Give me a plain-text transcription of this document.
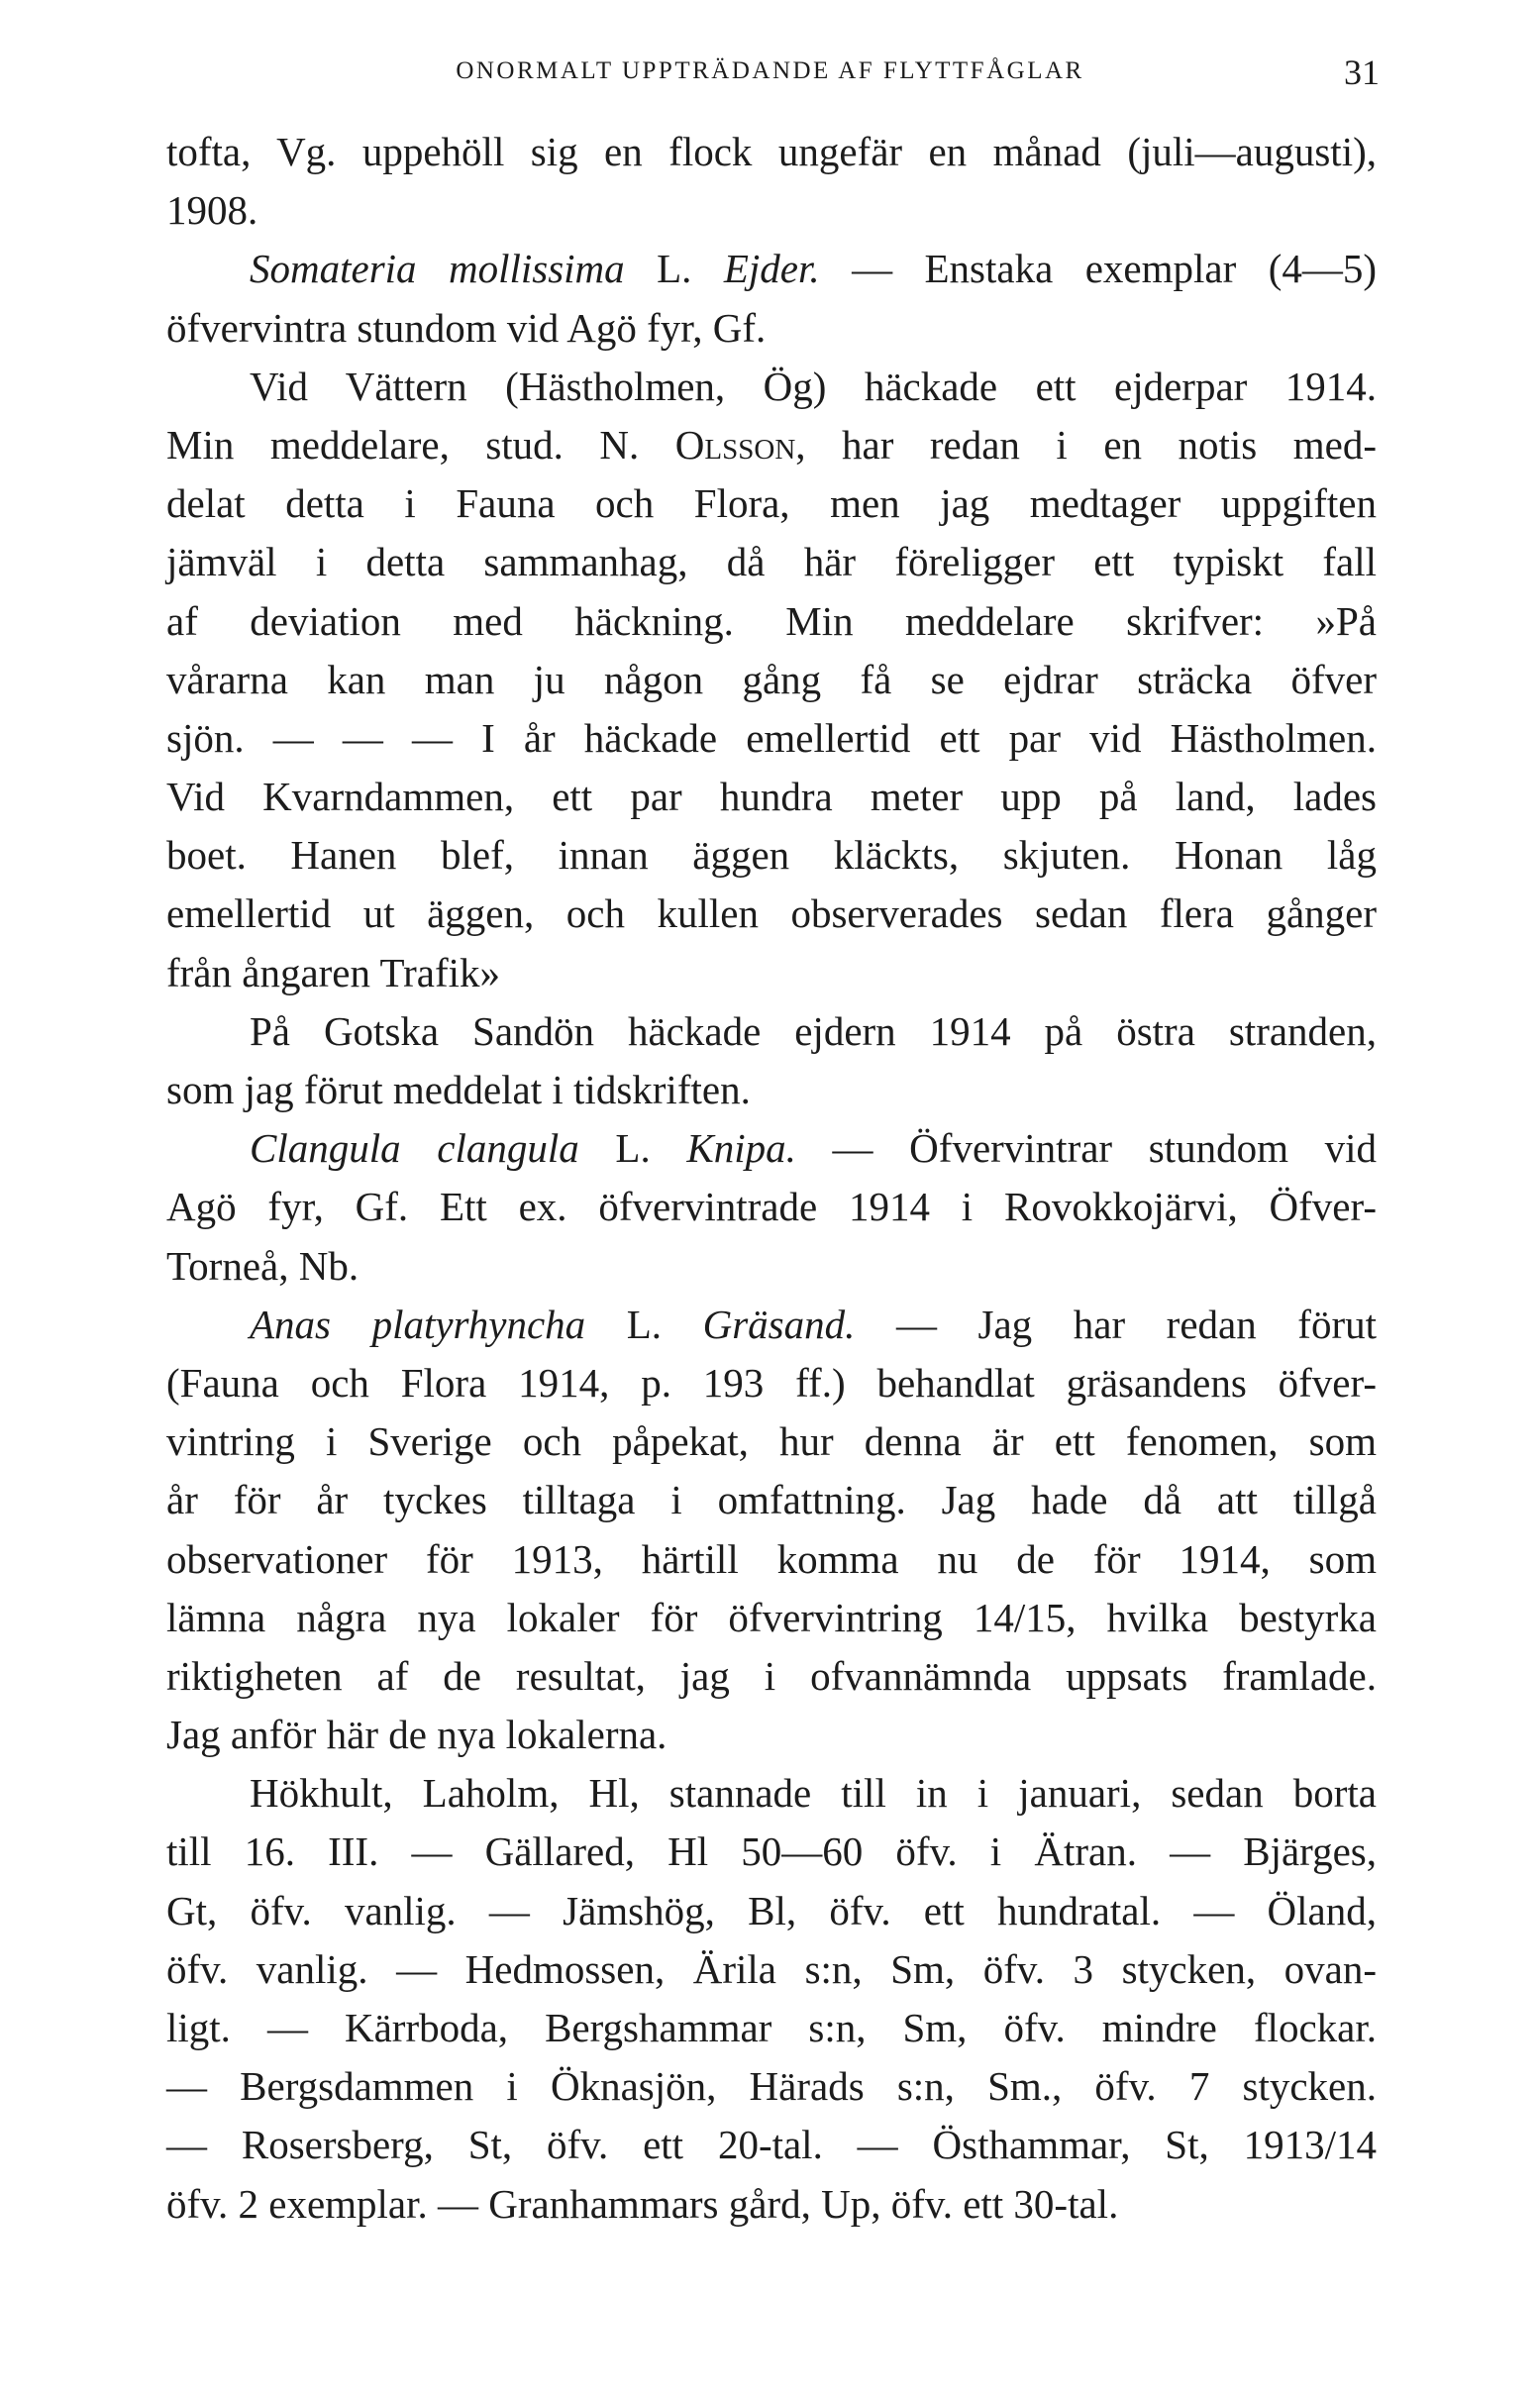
ONORMALT UPPTRÄDANDE AF FLYTTFÅGLAR	31
tofta, Vg. uppehöll sig en flock ungefär en månad (juli—augusti),
1908.
Somateria mollissima L. Ejder. — Enstaka exemplar (4—5)
öfvervintra stundom vid Agö fyr, Gf.
Vid Vättern (Hästholmen, Ög) häckade ett ejderpar 1914.
Min meddelare, stud. N. Olsson, har redan i en notis med-
delat detta i Fauna och Flora, men jag medtager uppgiften
jämväl i detta sammanhag, då här föreligger ett typiskt fall
af deviation med häckning. Min meddelare skrifver: »På
vårarna kan man ju någon gång få se ejdrar sträcka öfver
sjön. — — — I år häckade emellertid ett par vid Hästholmen.
Vid Kvarndammen, ett par hundra meter upp på land, lades
boet. Hanen blef, innan äggen kläckts, skjuten. Honan låg
emellertid ut äggen, och kullen observerades sedan flera gånger
från ångaren Trafik»
På Gotska Sandön häckade ejdern 1914 på östra stranden,
som jag förut meddelat i tidskriften.
Clangula clangula L. Knipa. — Öfvervintrar stundom vid
Agö fyr, Gf. Ett ex. öfvervintrade 1914 i Rovokkojärvi, Öfver-
Torneå, Nb.
Anas platyrhyncha L. Gräsand. — Jag har redan förut
(Fauna och Flora 1914, p. 193 ff.) behandlat gräsandens öfver-
vintring i Sverige och påpekat, hur denna är ett fenomen, som
år för år tyckes tilltaga i omfattning. Jag hade då att tillgå
observationer för 1913, härtill komma nu de för 1914, som
lämna några nya lokaler för öfvervintring 14/15, hvilka bestyrka
riktigheten af de resultat, jag i ofvannämnda uppsats framlade.
Jag anför här de nya lokalerna.
Hökhult, Laholm, Hl, stannade till in i januari, sedan borta
till 16. III. — Gällared, Hl 50—60 öfv. i Ätran. — Bjärges,
Gt, öfv. vanlig. — Jämshög, Bl, öfv. ett hundratal. — Öland,
öfv. vanlig. — Hedmossen, Ärila s:n, Sm, öfv. 3 stycken, ovan-
ligt. — Kärrboda, Bergshammar s:n, Sm, öfv. mindre flockar.
— Bergsdammen i Öknasjön, Härads s:n, Sm., öfv. 7 stycken.
— Rosersberg, St, öfv. ett 20-tal. — Östhammar, St, 1913/14
öfv. 2 exemplar. — Granhammars gård, Up, öfv. ett 30-tal.
